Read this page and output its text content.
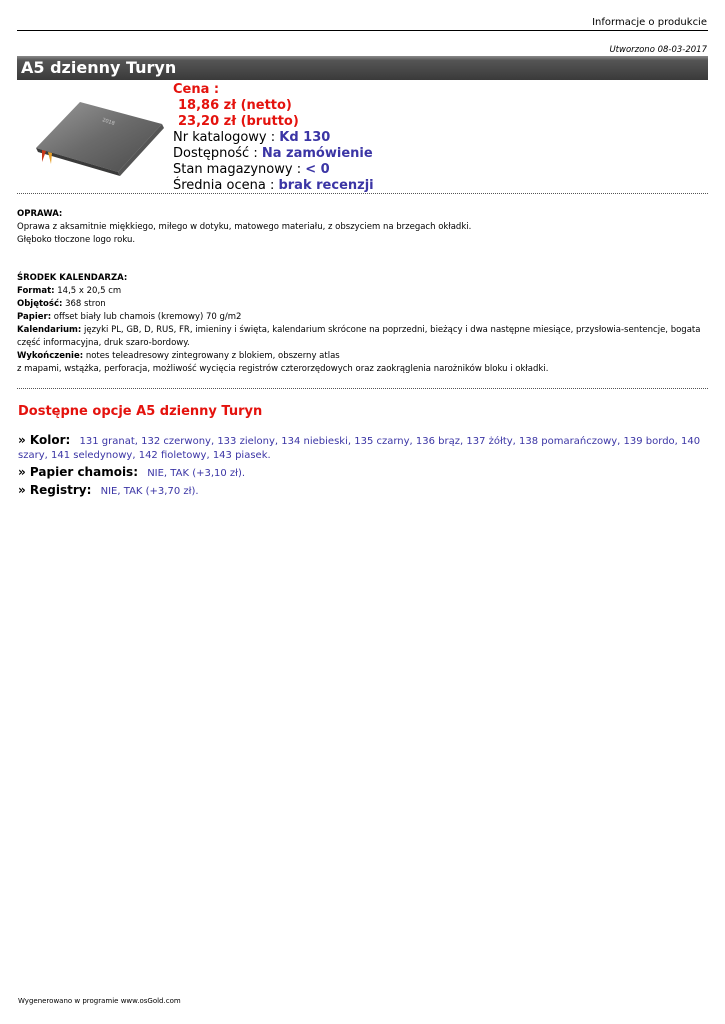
Informacje o produkcie
Utworzono 08-03-2017
A5 dzienny Turyn
2018
Cena :
18,86 zł (netto)
23,20 zł (brutto)
Nr katalogowy : Kd 130
Dostępność : Na zamówienie
Stan magazynowy : < 0
Średnia ocena : brak recenzji
OPRAWA:
Oprawa z aksamitnie miękkiego, miłego w dotyku, matowego materiału, z obszyciem na brzegach okładki.
Głęboko tłoczone logo roku.
ŚRODEK KALENDARZA:
Format: 14,5 x 20,5 cm
Objętość: 368 stron
Papier: offset biały lub chamois (kremowy) 70 g/m2
Kalendarium: języki PL, GB, D, RUS, FR, imieniny i święta, kalendarium skrócone na poprzedni, bieżący i dwa następne miesiące, przysłowia-sentencje, bogata część informacyjna, druk szaro-bordowy.
Wykończenie: notes teleadresowy zintegrowany z blokiem, obszerny atlas
z mapami, wstążka, perforacja, możliwość wycięcia registrów czterorzędowych oraz zaokrąglenia narożników bloku i okładki.
Dostępne opcje A5 dzienny Turyn
» Kolor: 131 granat, 132 czerwony, 133 zielony, 134 niebieski, 135 czarny, 136 brąz, 137 żółty, 138 pomarańczowy, 139 bordo, 140 szary, 141 seledynowy, 142 fioletowy, 143 piasek.
» Papier chamois: NIE, TAK (+3,10 zł).
» Registry: NIE, TAK (+3,70 zł).
Wygenerowano w programie www.osGold.com
